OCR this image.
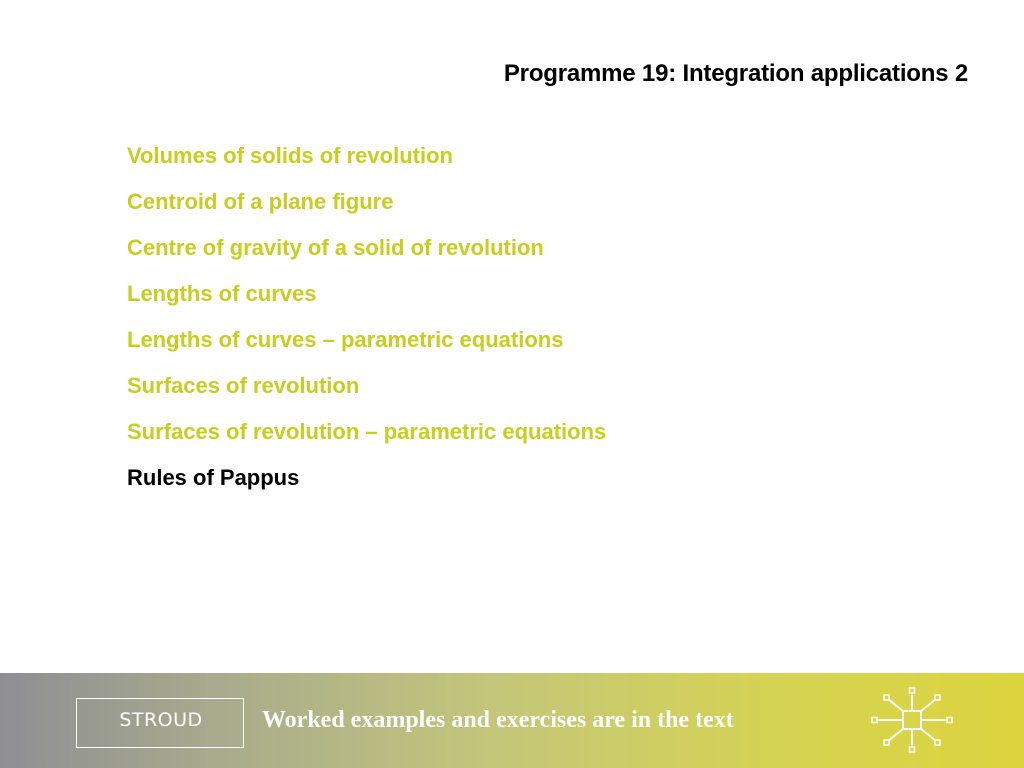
Programme 19: Integration applications 2
Volumes of solids of revolution
Centroid of a plane figure
Centre of gravity of a solid of revolution
Lengths of curves
Lengths of curves – parametric equations
Surfaces of revolution
Surfaces of revolution – parametric equations
Rules of Pappus
STROUD	Worked examples and exercises are in the text
